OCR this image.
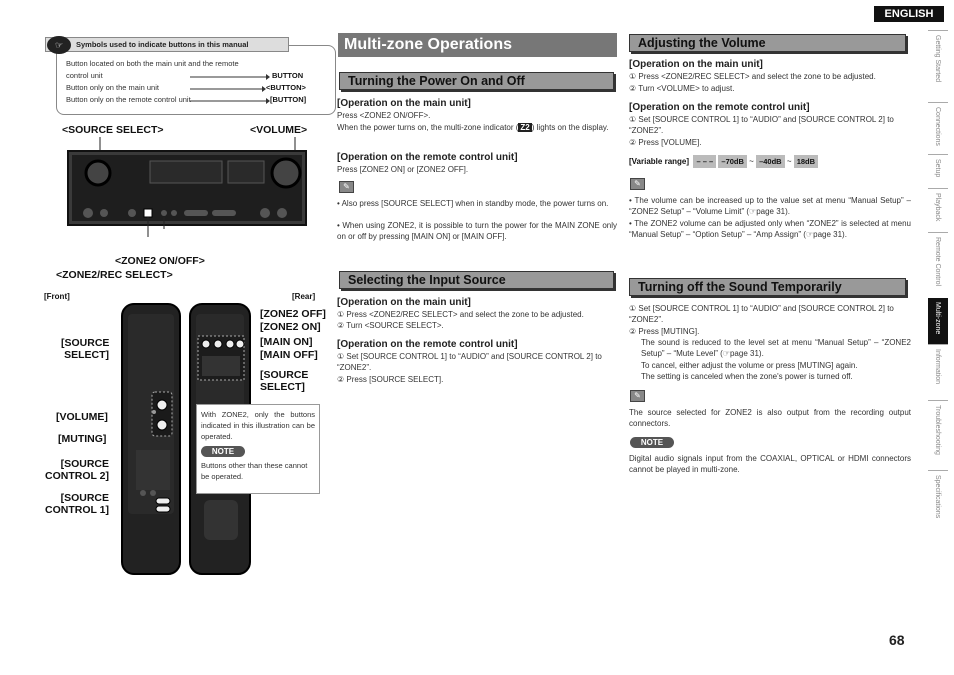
ENGLISH
Getting Started
Connections
Setup
Playback
Remote Control
Multi-zone
Information
Troubleshooting
Specifications
Symbols used to indicate buttons in this manual
☞
Button located on both the main unit and the remote control unit	BUTTON
Button only on the main unit	<BUTTON>
Button only on the remote control unit	[BUTTON]
<SOURCE SELECT>	<VOLUME>
<ZONE2 ON/OFF>
<ZONE2/REC SELECT>
[Front]	[Rear]
[SOURCE
SELECT]
[VOLUME]
[MUTING]
[SOURCE
CONTROL 2]
[SOURCE
CONTROL 1]
[ZONE2 OFF]
[ZONE2 ON]
[MAIN ON]
[MAIN OFF]
[SOURCE
SELECT]
With ZONE2, only the buttons indicated in this illustration can be operated.
NOTE
Buttons other than these cannot be operated.
Multi-zone Operations
Turning the Power On and Off
[Operation on the main unit]
Press <ZONE2 ON/OFF>.
When the power turns on, the multi-zone indicator ( Z2 ) lights on the display.
[Operation on the remote control unit]
Press [ZONE2 ON] or [ZONE2 OFF].
✎
• Also press [SOURCE SELECT] when in standby mode, the power turns on.
• When using ZONE2, it is possible to turn the power for the MAIN ZONE only on or off by pressing [MAIN ON] or [MAIN OFF].
Selecting the Input Source
[Operation on the main unit]
① Press <ZONE2/REC SELECT> and select the zone to be adjusted.
② Turn <SOURCE SELECT>.
[Operation on the remote control unit]
① Set [SOURCE CONTROL 1] to “AUDIO” and [SOURCE CONTROL 2] to “ZONE2”.
② Press [SOURCE SELECT].
Adjusting the Volume
[Operation on the main unit]
① Press <ZONE2/REC SELECT> and select the zone to be adjusted.
② Turn <VOLUME> to adjust.
[Operation on the remote control unit]
① Set [SOURCE CONTROL 1] to “AUDIO” and [SOURCE CONTROL 2] to “ZONE2”.
② Press [VOLUME].
[Variable range] – – – –70dB ~ –40dB ~ 18dB
✎
• The volume can be increased up to the value set at menu “Manual Setup” – “ZONE2 Setup” – “Volume Limit” (☞page 31).
• The ZONE2 volume can be adjusted only when “ZONE2” is selected at menu “Manual Setup” – “Option Setup” – “Amp Assign” (☞page 31).
Turning off the Sound Temporarily
① Set [SOURCE CONTROL 1] to “AUDIO” and [SOURCE CONTROL 2] to “ZONE2”.
② Press [MUTING].
The sound is reduced to the level set at menu “Manual Setup” – “ZONE2 Setup” – “Mute Level” (☞page 31).
To cancel, either adjust the volume or press [MUTING] again.
The setting is canceled when the zone's power is turned off.
✎
The source selected for ZONE2 is also output from the recording output connectors.
NOTE
Digital audio signals input from the COAXIAL, OPTICAL or HDMI connectors cannot be played in multi-zone.
68
